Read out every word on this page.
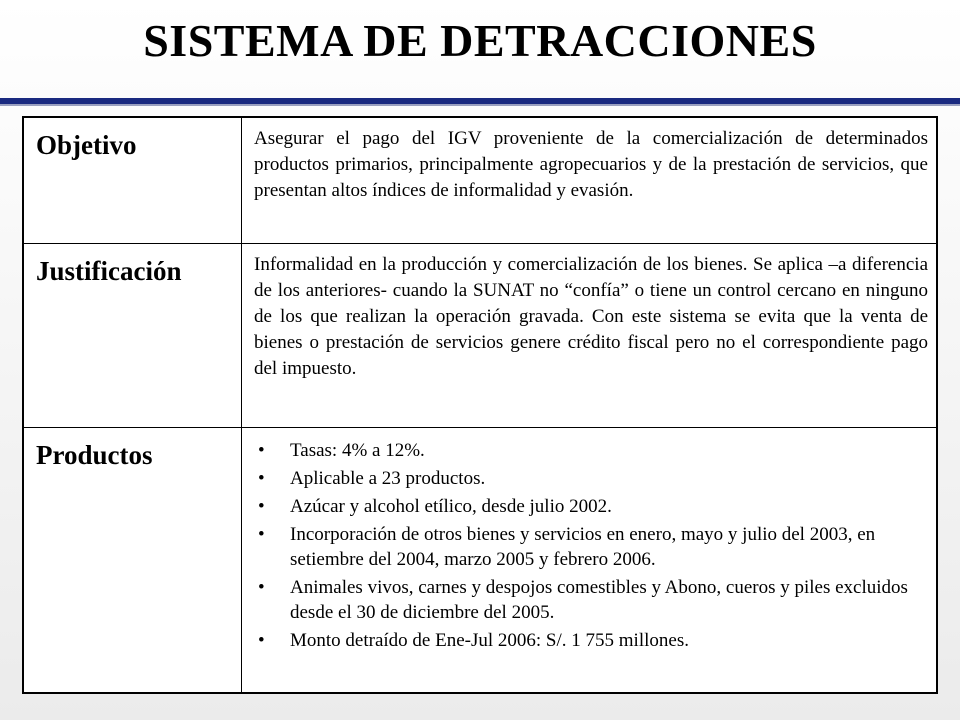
SISTEMA DE DETRACCIONES
Objetivo	Asegurar el pago del IGV proveniente de la comercialización de determinados productos primarios, principalmente agropecuarios y de la prestación de servicios, que presentan altos índices de informalidad y evasión.
Justificación	Informalidad en la producción y comercialización de los bienes. Se aplica –a diferencia de los anteriores- cuando la SUNAT no “confía” o tiene un control cercano en ninguno de los que realizan la operación gravada. Con este sistema se evita que la venta de bienes o prestación de servicios genere crédito fiscal pero no el correspondiente pago del impuesto.
Productos	• Tasas: 4% a 12%.
• Aplicable a 23 productos.
• Azúcar y alcohol etílico, desde julio 2002.
• Incorporación de otros bienes y servicios en enero, mayo y julio del 2003, en setiembre del 2004, marzo 2005 y febrero 2006.
• Animales vivos, carnes y despojos comestibles y Abono, cueros y piles excluidos desde el 30 de diciembre del 2005.
• Monto detraído de Ene-Jul 2006: S/. 1 755 millones.
